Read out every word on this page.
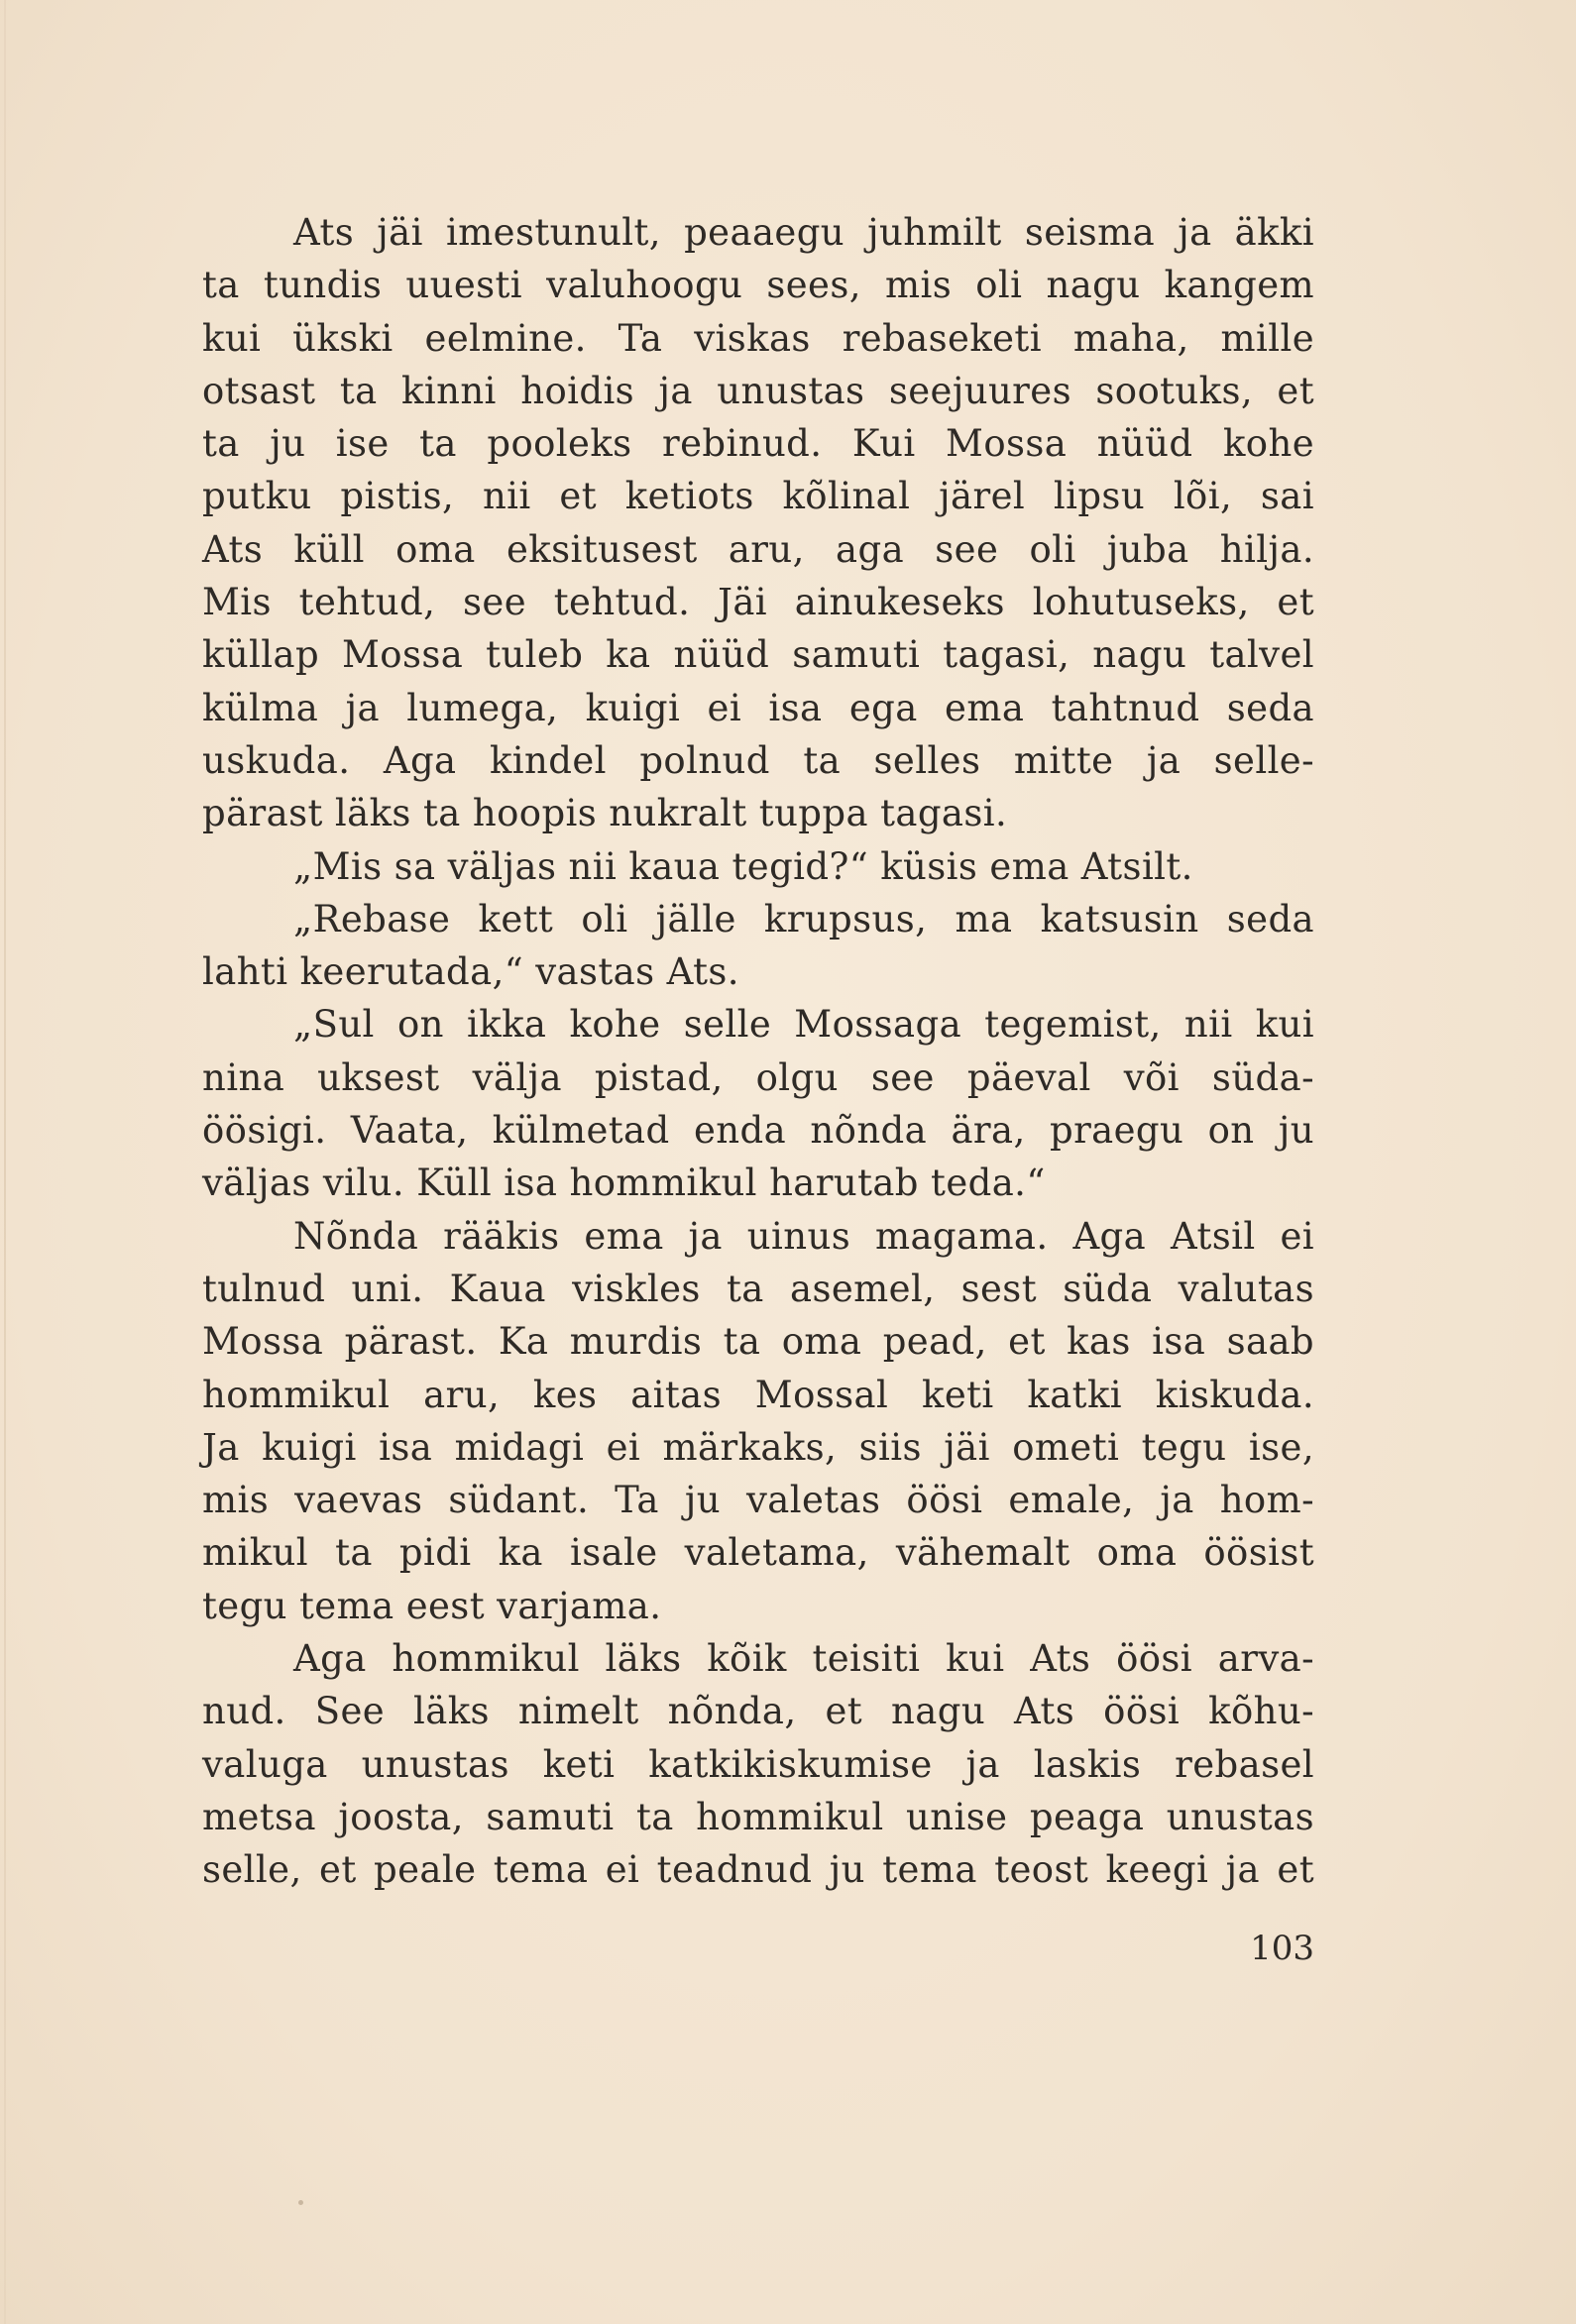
Ats jäi imestunult, peaaegu juhmilt seisma ja äkki
ta tundis uuesti valuhoogu sees, mis oli nagu kangem
kui ükski eelmine. Ta viskas rebaseketi maha, mille
otsast ta kinni hoidis ja unustas seejuures sootuks, et
ta ju ise ta pooleks rebinud. Kui Mossa nüüd kohe
putku pistis, nii et ketiots kõlinal järel lipsu lõi, sai
Ats küll oma eksitusest aru, aga see oli juba hilja.
Mis tehtud, see tehtud. Jäi ainukeseks lohutuseks, et
küllap Mossa tuleb ka nüüd samuti tagasi, nagu talvel
külma ja lumega, kuigi ei isa ega ema tahtnud seda
uskuda. Aga kindel polnud ta selles mitte ja selle-
pärast läks ta hoopis nukralt tuppa tagasi.
„Mis sa väljas nii kaua tegid?“ küsis ema Atsilt.
„Rebase kett oli jälle krupsus, ma katsusin seda
lahti keerutada,“ vastas Ats.
„Sul on ikka kohe selle Mossaga tegemist, nii kui
nina uksest välja pistad, olgu see päeval või süda-
öösigi. Vaata, külmetad enda nõnda ära, praegu on ju
väljas vilu. Küll isa hommikul harutab teda.“
Nõnda rääkis ema ja uinus magama. Aga Atsil ei
tulnud uni. Kaua viskles ta asemel, sest süda valutas
Mossa pärast. Ka murdis ta oma pead, et kas isa saab
hommikul aru, kes aitas Mossal keti katki kiskuda.
Ja kuigi isa midagi ei märkaks, siis jäi ometi tegu ise,
mis vaevas südant. Ta ju valetas öösi emale, ja hom-
mikul ta pidi ka isale valetama, vähemalt oma öösist
tegu tema eest varjama.
Aga hommikul läks kõik teisiti kui Ats öösi arva-
nud. See läks nimelt nõnda, et nagu Ats öösi kõhu-
valuga unustas keti katkikiskumise ja laskis rebasel
metsa joosta, samuti ta hommikul unise peaga unustas
selle, et peale tema ei teadnud ju tema teost keegi ja et
103
